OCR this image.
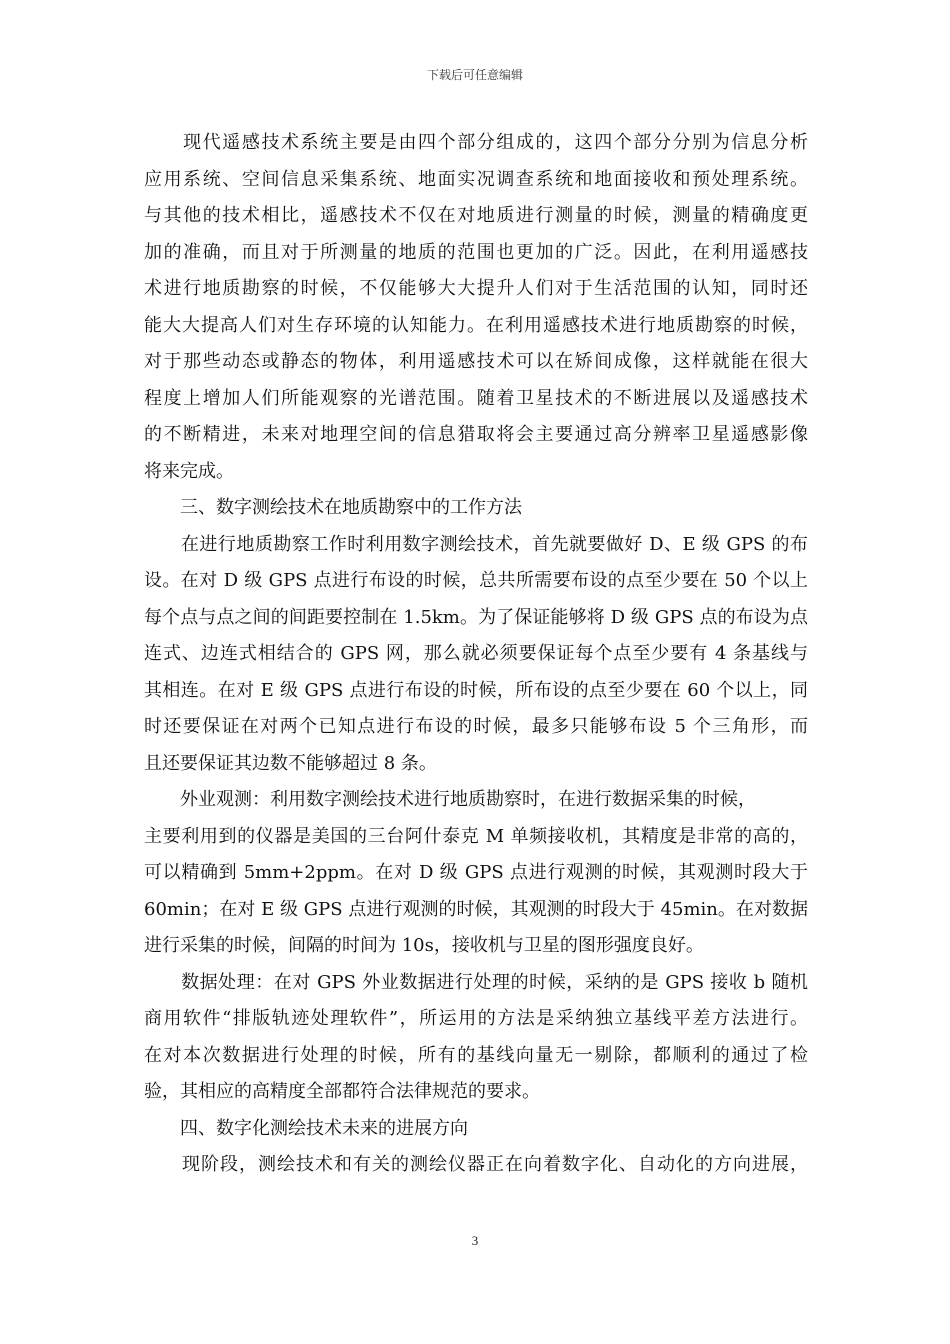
下载后可任意编辑
　　现代遥感技术系统主要是由四个部分组成的，这四个部分分别为信息分析
应用系统、空间信息采集系统、地面实况调查系统和地面接收和预处理系统。
与其他的技术相比，遥感技术不仅在对地质进行测量的时候，测量的精确度更
加的准确，而且对于所测量的地质的范围也更加的广泛。因此，在利用遥感技
术进行地质勘察的时候，不仅能够大大提升人们对于生活范围的认知，同时还
能大大提高人们对生存环境的认知能力。在利用遥感技术进行地质勘察的时候，
对于那些动态或静态的物体，利用遥感技术可以在矫间成像，这样就能在很大
程度上增加人们所能观察的光谱范围。随着卫星技术的不断进展以及遥感技术
的不断精进，未来对地理空间的信息猎取将会主要通过高分辨率卫星遥感影像
将来完成。
　　三、数字测绘技术在地质勘察中的工作方法
　　在进行地质勘察工作时利用数字测绘技术，首先就要做好 D、E 级 GPS 的布
设。在对 D 级 GPS 点进行布设的时候，总共所需要布设的点至少要在 50 个以上
每个点与点之间的间距要控制在 1.5km。为了保证能够将 D 级 GPS 点的布设为点
连式、边连式相结合的 GPS 网，那么就必须要保证每个点至少要有 4 条基线与
其相连。在对 E 级 GPS 点进行布设的时候，所布设的点至少要在 60 个以上，同
时还要保证在对两个已知点进行布设的时候，最多只能够布设 5 个三角形，而
且还要保证其边数不能够超过 8 条。
　　外业观测：利用数字测绘技术进行地质勘察时，在进行数据采集的时候，
主要利用到的仪器是美国的三台阿什泰克 M 单频接收机，其精度是非常的高的，
可以精确到 5mm+2ppm。在对 D 级 GPS 点进行观测的时候，其观测时段大于
60min；在对 E 级 GPS 点进行观测的时候，其观测的时段大于 45min。在对数据
进行采集的时候，间隔的时间为 10s，接收机与卫星的图形强度良好。
　　数据处理：在对 GPS 外业数据进行处理的时候，采纳的是 GPS 接收 b 随机
商用软件“排版轨迹处理软件”，所运用的方法是采纳独立基线平差方法进行。
在对本次数据进行处理的时候，所有的基线向量无一剔除，都顺利的通过了检
验，其相应的高精度全部都符合法律规范的要求。
　　四、数字化测绘技术未来的进展方向
　　现阶段，测绘技术和有关的测绘仪器正在向着数字化、自动化的方向进展，
3
